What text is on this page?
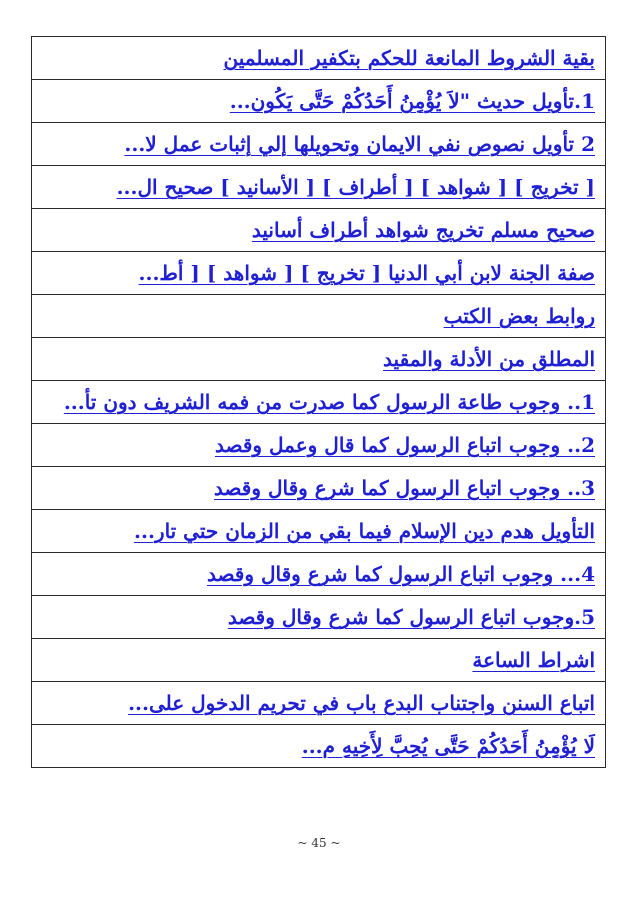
بقية الشروط المانعة للحكم بتكفير المسلمين
1.تأويل حديث "لاَ يُؤْمِنُ أَحَدُكُمْ حَتَّى يَكُون...
2 تأويل نصوص نفي الايمان وتحويلها إلي إثبات عمل لا...
[ تخريج ] [ شواهد ] [ أطراف ] [ الأسانيد ] صحيح ال...
صحيح مسلم تخريج شواهد أطراف أسانيد
صفة الجنة لابن أبي الدنيا [ تخريج ] [ شواهد ] [ أط...
روابط بعض الكتب
المطلق من الأدلة والمقيد
1.. وجوب طاعة الرسول كما صدرت من فمه الشريف دون تأ...
2.. وجوب اتباع الرسول كما قال وعمل وقصد
3.. وجوب اتباع الرسول كما شرع وقال وقصد
التأويل هدم دين الإسلام فيما بقي من الزمان حتي تار...
4... وجوب اتباع الرسول كما شرع وقال وقصد
5.وجوب اتباع الرسول كما شرع وقال وقصد
اشراط الساعة
اتباع السنن واجتناب البدع باب في تحريم الدخول على...
لَا يُؤْمِنُ أَحَدُكُمْ حَتَّى يُحِبَّ لِأَخِيهِ م...
~ 45 ~
